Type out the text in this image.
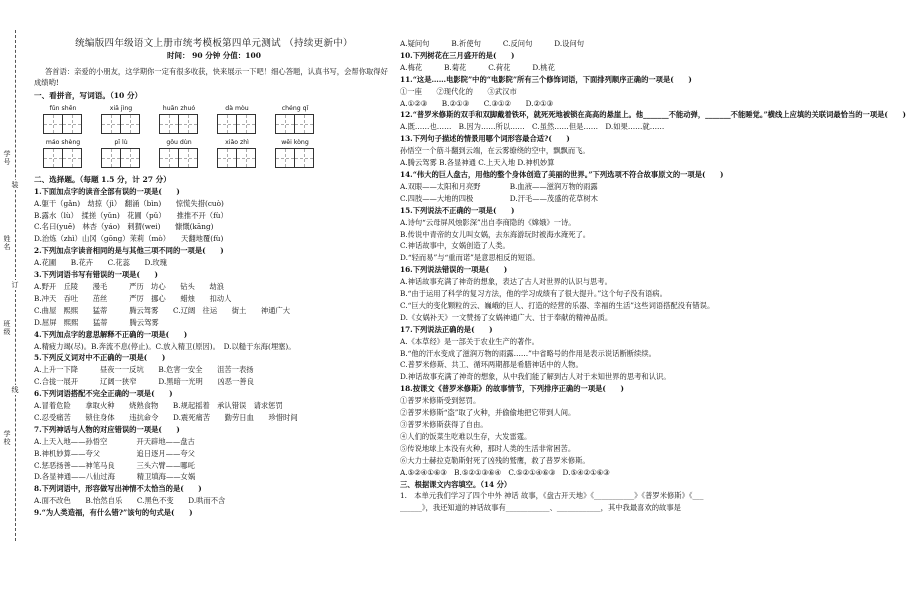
学号
姓名
班级
学校
装
订
线
统编版四年级语文上册市统考模板第四单元测试 （持续更新中）
时间： 90 分钟 分值：100
答首语：亲爱的小朋友，这学期你一定有很多收获，快来展示一下吧！细心答题，认真书写，会帮你取得好成绩哟!
一、看拼音，写词语。（10 分）
fǔn shēn	xiā jìng	huān zhuó	dà mòu	chéng qǐ
máo shèng	pī lù	gǒu dùn	xiǎo zhì	wēi kòng
二、选择题。（每题 1.5 分，计 27 分）
1.下面加点字的读音全部有误的一项是(　　)
A.躯干（gǎn)　劫掠（jì）　翻涌（bìn)　　惊慌失措(cuò)
B.露水（lù）　揉搓（yǔn)　花圃（pǔ）　　推推不开（fù）
C.名曰(yuē)　林杏（yáo)　刺猬(wei)　　慷慨(kāng)
D.治炼（zhì）山冈（gōng）茉莉（mò）　　天翻地覆(fù)
2.下列加点字读音相同的是与其他三项不同的一项是(　　)
A.花圃　　B.花卉　　C.花蕊　　D.玫瑰
3.下列词语书写有错误的一项是(　　)
A.野开　丘陵　　漫毛　　　严历　坊心　　钻头　　劫浪
B.冲天　吞吐　　茁丝　　　严厉　挪心　　蜡烛　　扣动人
C.曲屋　熙熙　　猛蒂　　　腾云驾雾　　C.辽阔　往运　　街土　　神通广大
D.屈屏　熙熙　　猛蒂　　　腾云驾雾
4.下列加点字的意思解释不正确的一项是(　　)
A.精疲力竭(尽)。B.奔流不息(停止)。C.放入精卫(原因)。　D.以糙于东海(埋塞)。
5.下列反义词对中不正确的一项是(　　)
A.上升一下降　　　昼夜一一反坑　　B.危害一安全　　沮苦一表扬
C.合拢一展开　　　辽阔一狭窄　　　D.黑暗一光明　　凶恶一善良
6.下列词语搭配不完全正确的一项是(　　)
A.冒着危险　　拿取火种　　烧熟食物　　B.规起摇着　承认错误　请求惩罚
C.忍受痛苦　　锁住身体　　违抗命令　　D.震死痛苦　　勤劳日血　　珍惜时间
7.下列神话与人物的对应错误的一项是(　　)
A.上天入地——孙悟空　　　　开天辟地——盘古
B.神机妙算——夸父　　　　　追日逐月——夸父
C.惩恶扬善——神笔马良　　　三头六臂——哪吒
D.各显神通——八仙过海　　　精卫填海——女娲
8.下列词语中，形容做写出神情不太恰当的是(　　)
A.面不改色　　B.怡然自乐　　C.黑色不变　　D.哄而不含
9.“为人类造福，有什么错?”该句的句式是(　　)
A.疑问句　　　B.祈使句　　　C.反问句　　　D.设问句
10.下列树花在三月盛开的是(　　)
A.梅花　　　B.菊花　　　C.荷花　　　D.桃花
11.“这是……电影院”中的“电影院”所有三个修饰词语，下面排列顺序正确的一项是(　　)
①一座　　②现代化的　　③武汉市
A.①②③　　B.②①③　　C.③①②　　D.②①③
12.“普罗米修斯的双手和双脚戴着铁环，就死死地被锁在高高的悬崖上。他_______不能动弹，_______不能睡觉。”横线上应填的关联词最恰当的一项是(　　)
A.既……也……　B.因为……所以……　C.虽然……但是……　D.如果……就……
13.下列句子描述的情景用哪个词形容最合适?(　　)
孙悟空一个筋斗翻到云端，在云雾缭绕的空中，飘飘而飞。
A.腾云驾雾 B.各显神通 C.上天入地 D.神机妙算
14.“伟大的巨人盘古，用他的整个身体创造了美丽的世界。”下列选项不符合故事原文的一项是(　　)
A.双眼——太阳和月亮野　　　　B.血液——滋润万物的雨露
C.四肢——大地的四极　　　　　D.汗毛——茂盛的花草树木
15.下列说法不正确的一项是(　　)
A.诗句“云母屏风烛影深”出自李商隐的《嫦娥》一诗。
B.传说中青帝的女儿叫女娲，去东海游玩时被海水淹死了。
C.神话故事中，女娲创造了人类。
D.“轻而易”与“重而诺”是意思相反的短语。
16.下列说法错误的一项是(　　)
A.神话故事充满了神奇的想象，表达了古人对世界的认识与思考。
B.“由于运用了科学的复习方法，他的学习成绩有了很大提升。”这个句子没有语病。
C.“巨大的变化颗粒的云、巍峨的巨人、打造的经营的乐器、幸福的生活”这些词语搭配没有错误。
D.《女娲补天》一文赞扬了女娲神通广大、甘于奉献的精神品质。
17.下列说法正确的是(　　)
A.《本草经》是一部关于农业生产的著作。
B.“他的汗水变成了滋润万物的雨露……”中省略号的作用是表示说话断断续续。
C.普罗米修斯、共工、循环两期都是希腊神话中的人物。
D.神话故事充满了神奇的想象，从中我们能了解到古人对于未知世界的思考和认识。
18.按课文《普罗米修斯》的故事情节，下列排序正确的一项是(　　)
①普罗米修斯受到惩罚。
②普罗米修斯“盗”取了火种，并偷偷地把它带到人间。
③普罗米修斯获得了自由。
④人们的饭菜生吃难以生存，大发雷霆。
⑤传说地球上本没有火种，那时人类的生活非常困苦。
⑥大力士赫拉克勒斯射死了凶残的鹫鹰，救了普罗米修斯。
A.⑤②④①⑥③　B.⑤②①③⑥④　C.⑤②①④⑥③　D.⑤④②①⑥③
三、根据课文内容填空。（14 分）
1.　本单元我们学习了四个中外 神话 故事，《盘古开天地》《___________》《普罗米修斯》《___
______》，我还知道的神话故事有____________、____________，其中我最喜欢的故事是
